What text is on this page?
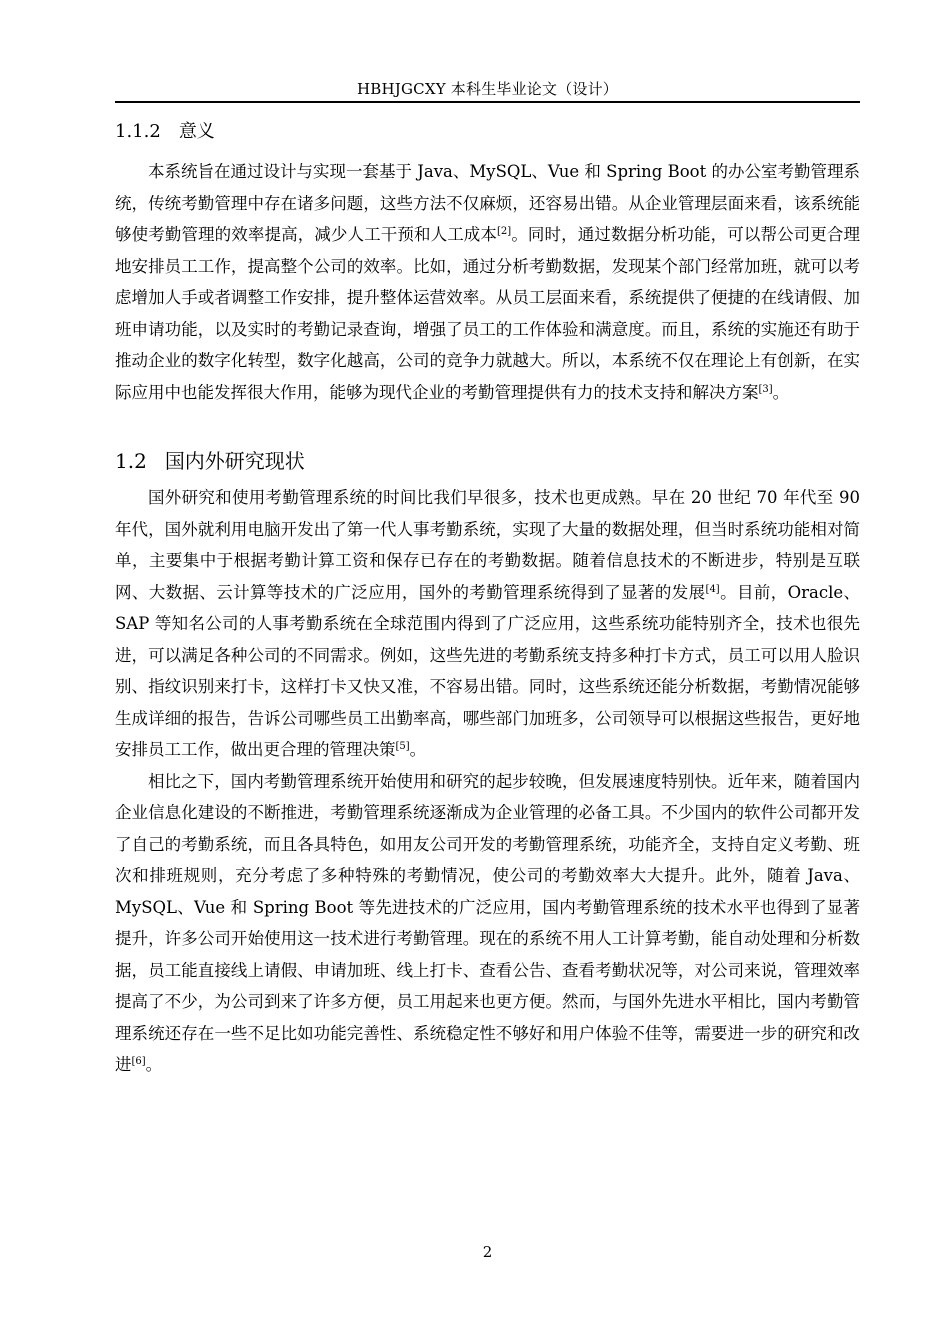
HBHJGCXY 本科生毕业论文（设计）
1.1.2 意义

本系统旨在通过设计与实现一套基于 Java、MySQL、Vue 和 Spring Boot 的办公室考勤管理系统，传统考勤管理中存在诸多问题，这些方法不仅麻烦，还容易出错。从企业管理层面来看，该系统能够使考勤管理的效率提高，减少人工干预和人工成本[2]。同时，通过数据分析功能，可以帮公司更合理地安排员工工作，提高整个公司的效率。比如，通过分析考勤数据，发现某个部门经常加班，就可以考虑增加人手或者调整工作安排，提升整体运营效率。从员工层面来看，系统提供了便捷的在线请假、加班申请功能，以及实时的考勤记录查询，增强了员工的工作体验和满意度。而且，系统的实施还有助于推动企业的数字化转型，数字化越高，公司的竞争力就越大。所以，本系统不仅在理论上有创新，在实际应用中也能发挥很大作用，能够为现代企业的考勤管理提供有力的技术支持和解决方案[3]。

1.2 国内外研究现状

国外研究和使用考勤管理系统的时间比我们早很多，技术也更成熟。早在 20 世纪 70 年代至 90 年代，国外就利用电脑开发出了第一代人事考勤系统，实现了大量的数据处理，但当时系统功能相对简单，主要集中于根据考勤计算工资和保存已存在的考勤数据。随着信息技术的不断进步，特别是互联网、大数据、云计算等技术的广泛应用，国外的考勤管理系统得到了显著的发展[4]。目前，Oracle、SAP 等知名公司的人事考勤系统在全球范围内得到了广泛应用，这些系统功能特别齐全，技术也很先进，可以满足各种公司的不同需求。例如，这些先进的考勤系统支持多种打卡方式，员工可以用人脸识别、指纹识别来打卡，这样打卡又快又准，不容易出错。同时，这些系统还能分析数据，考勤情况能够生成详细的报告，告诉公司哪些员工出勤率高，哪些部门加班多，公司领导可以根据这些报告，更好地安排员工工作，做出更合理的管理决策[5]。

相比之下，国内考勤管理系统开始使用和研究的起步较晚，但发展速度特别快。近年来，随着国内企业信息化建设的不断推进，考勤管理系统逐渐成为企业管理的必备工具。不少国内的软件公司都开发了自己的考勤系统，而且各具特色，如用友公司开发的考勤管理系统，功能齐全，支持自定义考勤、班次和排班规则，充分考虑了多种特殊的考勤情况，使公司的考勤效率大大提升。此外，随着 Java、MySQL、Vue 和 Spring Boot 等先进技术的广泛应用，国内考勤管理系统的技术水平也得到了显著提升，许多公司开始使用这一技术进行考勤管理。现在的系统不用人工计算考勤，能自动处理和分析数据，员工能直接线上请假、申请加班、线上打卡、查看公告、查看考勤状况等，对公司来说，管理效率提高了不少，为公司到来了许多方便，员工用起来也更方便。然而，与国外先进水平相比，国内考勤管理系统还存在一些不足比如功能完善性、系统稳定性不够好和用户体验不佳等，需要进一步的研究和改进[6]。

2
